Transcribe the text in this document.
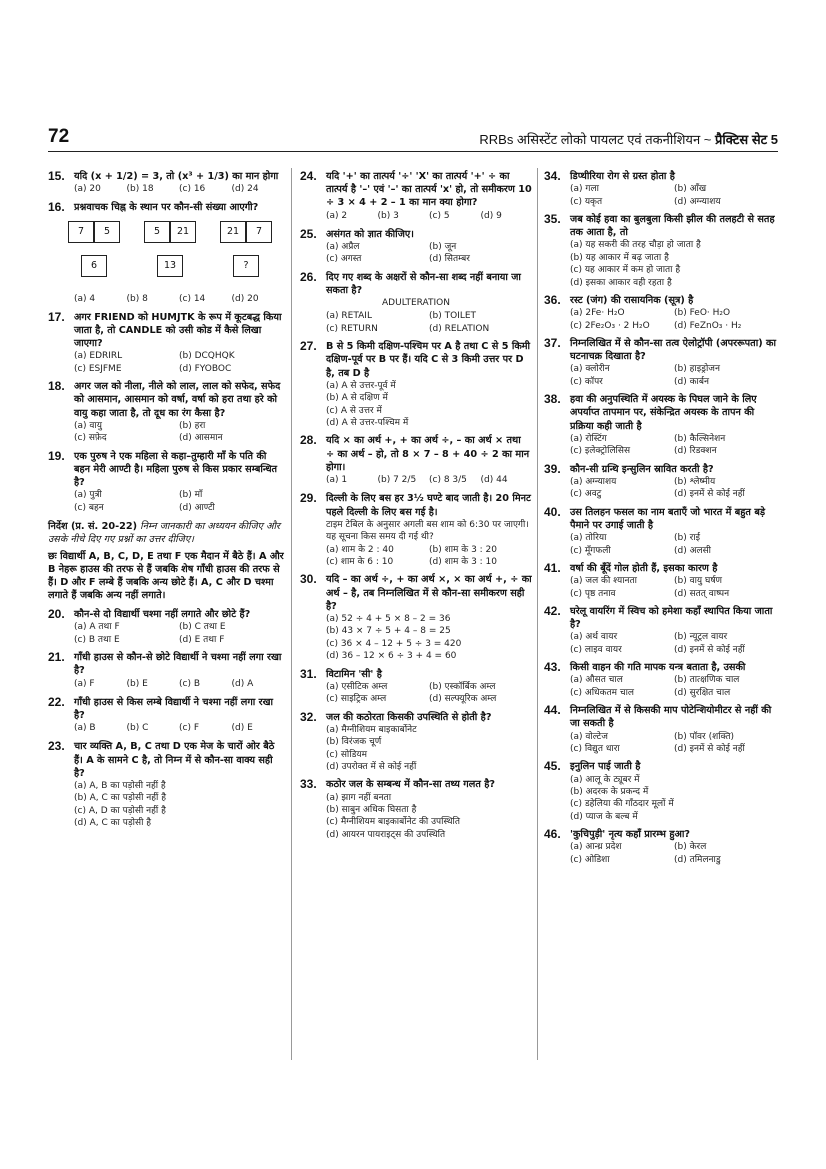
72	RRBs असिस्टेंट लोको पायलट एवं तकनीशियन ~ प्रैक्टिस सेट 5
15. यदि (x + 1/2) = 3, तो (x³ + 1/3) का मान होगा
(a) 20	(b) 18	(c) 16	(d) 24
16. प्रश्नवाचक चिह्न के स्थान पर कौन-सी संख्या आएगी?
7	5
6
5	21
13
21	7
?
(a) 4	(b) 8	(c) 14	(d) 20
17. अगर FRIEND को HUMJTK के रूप में कूटबद्ध किया जाता है, तो CANDLE को उसी कोड में कैसे लिखा जाएगा?
(a) EDRIRL	(b) DCQHQK
(c) ESJFME	(d) FYOBOC
18. अगर जल को नीला, नीले को लाल, लाल को सफेद, सफेद को आसमान, आसमान को वर्षा, वर्षा को हरा तथा हरे को वायु कहा जाता है, तो दूध का रंग कैसा है?
(a) वायु	(b) हरा
(c) सफ़ेद	(d) आसमान
19. एक पुरुष ने एक महिला से कहा–तुम्हारी माँ के पति की बहन मेरी आण्टी है। महिला पुरुष से किस प्रकार सम्बन्धित है?
(a) पुत्री	(b) माँ
(c) बहन	(d) आण्टी
निर्देश (प्र. सं. 20-22) निम्न जानकारी का अध्ययन कीजिए और उसके नीचे दिए गए प्रश्नों का उत्तर दीजिए।
छः विद्यार्थी A, B, C, D, E तथा F एक मैदान में बैठे हैं। A और B नेहरू हाउस की तरफ से हैं जबकि शेष गाँधी हाउस की तरफ से हैं। D और F लम्बे हैं जबकि अन्य छोटे हैं। A, C और D चश्मा लगाते हैं जबकि अन्य नहीं लगाते।
20. कौन-से दो विद्यार्थी चश्मा नहीं लगाते और छोटे हैं?
(a) A तथा F	(b) C तथा E
(c) B तथा E	(d) E तथा F
21. गाँधी हाउस से कौन-से छोटे विद्यार्थी ने चश्मा नहीं लगा रखा है?
(a) F	(b) E	(c) B	(d) A
22. गाँधी हाउस से किस लम्बे विद्यार्थी ने चश्मा नहीं लगा रखा है?
(a) B	(b) C	(c) F	(d) E
23. चार व्यक्ति A, B, C तथा D एक मेज के चारों ओर बैठे हैं। A के सामने C है, तो निम्न में से कौन-सा वाक्य सही है?
(a) A, B का पड़ोसी नहीं है
(b) A, C का पड़ोसी नहीं है
(c) A, D का पड़ोसी नहीं है
(d) A, C का पड़ोसी है
24. यदि '+' का तात्पर्य '÷' 'X' का तात्पर्य '+' ÷ का तात्पर्य है '–' एवं '–' का तात्पर्य 'x' हो, तो समीकरण 10 ÷ 3 × 4 + 2 – 1 का मान क्या होगा?
(a) 2	(b) 3	(c) 5	(d) 9
25. असंगत को ज्ञात कीजिए।
(a) अप्रैल	(b) जून
(c) अगस्त	(d) सितम्बर
26. दिए गए शब्द के अक्षरों से कौन-सा शब्द नहीं बनाया जा सकता है?
ADULTERATION
(a) RETAIL	(b) TOILET
(c) RETURN	(d) RELATION
27. B से 5 किमी दक्षिण-पश्चिम पर A है तथा C से 5 किमी दक्षिण-पूर्व पर B पर हैं। यदि C से 3 किमी उत्तर पर D है, तब D है
(a) A से उत्तर-पूर्व में
(b) A से दक्षिण में
(c) A से उत्तर में
(d) A से उत्तर-पश्चिम में
28. यदि × का अर्थ +, + का अर्थ ÷, – का अर्थ × तथा ÷ का अर्थ – हो, तो 8 × 7 – 8 + 40 ÷ 2 का मान होगा।
(a) 1	(b) 7 2/5	(c) 8 3/5	(d) 44
29. दिल्ली के लिए बस हर 3½ घण्टे बाद जाती है। 20 मिनट पहले दिल्ली के लिए बस गई है।
टाइम टेबिल के अनुसार अगली बस शाम को 6:30 पर जाएगी। यह सूचना किस समय दी गई थी?
(a) शाम के 2 : 40	(b) शाम के 3 : 20
(c) शाम के 6 : 10	(d) शाम के 3 : 10
30. यदि – का अर्थ ÷, + का अर्थ ×, × का अर्थ +, ÷ का अर्थ – है, तब निम्नलिखित में से कौन-सा समीकरण सही है?
(a) 52 ÷ 4 + 5 × 8 – 2 = 36
(b) 43 × 7 ÷ 5 + 4 – 8 = 25
(c) 36 × 4 – 12 + 5 ÷ 3 = 420
(d) 36 – 12 × 6 ÷ 3 + 4 = 60
31. विटामिन 'सी' है
(a) एसीटिक अम्ल	(b) एस्कॉर्बिक अम्ल
(c) साइट्रिक अम्ल	(d) सल्फ्यूरिक अम्ल
32. जल की कठोरता किसकी उपस्थिति से होती है?
(a) मैग्नीशियम बाइकार्बोनेट
(b) विरंजक चूर्ण
(c) सोडियम
(d) उपरोक्त में से कोई नहीं
33. कठोर जल के सम्बन्ध में कौन-सा तथ्य गलत है?
(a) झाग नहीं बनता
(b) साबुन अधिक घिसता है
(c) मैग्नीशियम बाइकार्बोनेट की उपस्थिति
(d) आयरन पायराइट्स की उपस्थिति
34. डिप्थीरिया रोग से ग्रस्त होता है
(a) गला	(b) आँख
(c) यकृत	(d) अग्न्याशय
35. जब कोई हवा का बुलबुला किसी झील की तलहटी से सतह तक आता है, तो
(a) यह सकरी की तरह चौड़ा हो जाता है
(b) यह आकार में बढ़ जाता है
(c) यह आकार में कम हो जाता है
(d) इसका आकार वही रहता है
36. रस्ट (जंग) की रासायनिक (सूत्र) है
(a) 2Fe· H₂O	(b) FeO· H₂O
(c) 2Fe₂O₃ · 2 H₂O	(d) FeZnO₃ · H₂
37. निम्नलिखित में से कौन-सा तत्व ऐलोट्रॉपी (अपररूपता) का घटनाचक्र दिखाता है?
(a) क्लोरीन	(b) हाइड्रोजन
(c) कॉपर	(d) कार्बन
38. हवा की अनुपस्थिति में अयस्क के पिघल जाने के लिए अपर्याप्त तापमान पर, संकेन्द्रित अयस्क के तापन की प्रक्रिया कही जाती है
(a) रोस्टिंग	(b) कैल्सिनेशन
(c) इलेक्ट्रोलिसिस	(d) रिडक्शन
39. कौन-सी ग्रन्थि इन्सुलिन स्रावित करती है?
(a) अग्न्याशय	(b) श्लेष्मीय
(c) अवटु	(d) इनमें से कोई नहीं
40. उस तिलहन फसल का नाम बताएँ जो भारत में बहुत बड़े पैमाने पर उगाई जाती है
(a) तोरिया	(b) राई
(c) मूँगफली	(d) अलसी
41. वर्षा की बूँदें गोल होती हैं, इसका कारण है
(a) जल की श्यानता	(b) वायु घर्षण
(c) पृष्ठ तनाव	(d) सतत् वाष्पन
42. घरेलू वायरिंग में स्विच को हमेशा कहाँ स्थापित किया जाता है?
(a) अर्थ वायर	(b) न्यूट्रल वायर
(c) लाइव वायर	(d) इनमें से कोई नहीं
43. किसी वाहन की गति मापक यन्त्र बताता है, उसकी
(a) औसत चाल	(b) तात्क्षणिक चाल
(c) अधिकतम चाल	(d) सुरक्षित चाल
44. निम्नलिखित में से किसकी माप पोटेन्शियोमीटर से नहीं की जा सकती है
(a) वोल्टेज	(b) पॉवर (शक्ति)
(c) विद्युत धारा	(d) इनमें से कोई नहीं
45. इनुलिन पाई जाती है
(a) आलू के ट्यूबर में
(b) अदरक के प्रकन्द में
(c) डहेलिया की गाँठदार मूलों में
(d) प्याज के बल्ब में
46. 'कुचिपुड़ी' नृत्य कहाँ प्रारम्भ हुआ?
(a) आन्ध्र प्रदेश	(b) केरल
(c) ओडिशा	(d) तमिलनाडु
